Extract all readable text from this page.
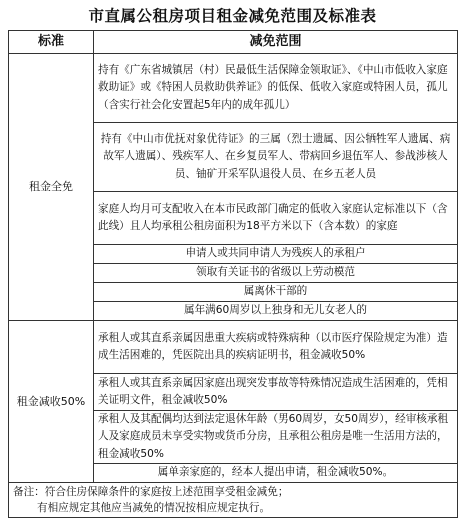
市直属公租房项目租金减免范围及标准表
标准	减免范围
租金全免	持有《广东省城镇居（村）民最低生活保障金领取证》、《中山市低收入家庭救助证》或《特困人员救助供养证》的低保、低收入家庭或特困人员，孤儿（含实行社会化安置起5年内的成年孤儿）
	持有《中山市优抚对象优待证》的三属（烈士遗属、因公牺牲军人遗属、病故军人遗属）、残疾军人、在乡复员军人、带病回乡退伍军人、参战涉核人员、铀矿开采军队退役人员、在乡五老人员
	家庭人均月可支配收入在本市民政部门确定的低收入家庭认定标准以下（含此线）且人均承租公租房面积为18平方米以下（含本数）的家庭
	申请人或共同申请人为残疾人的承租户
	领取有关证书的省级以上劳动模范
	属离休干部的
	属年满60周岁以上独身和无儿女老人的
租金减收50%	承租人或其直系亲属因患重大疾病或特殊病种（以市医疗保险规定为准）造成生活困难的，凭医院出具的疾病证明书，租金减收50%
	承租人或其直系亲属因家庭出现突发事故等特殊情况造成生活困难的，凭相关证明文件，租金减收50%
	承租人及其配偶均达到法定退休年龄（男60周岁，女50周岁），经审核承租人及家庭成员未享受实物或货币分房，且承租公租房是唯一生活用方法的，租金减收50%
	属单亲家庭的，经本人提出申请，租金减收50%。

备注：符合住房保障条件的家庭按上述范围享受租金减免；
有相应规定其他应当减免的情况按相应规定执行。	
